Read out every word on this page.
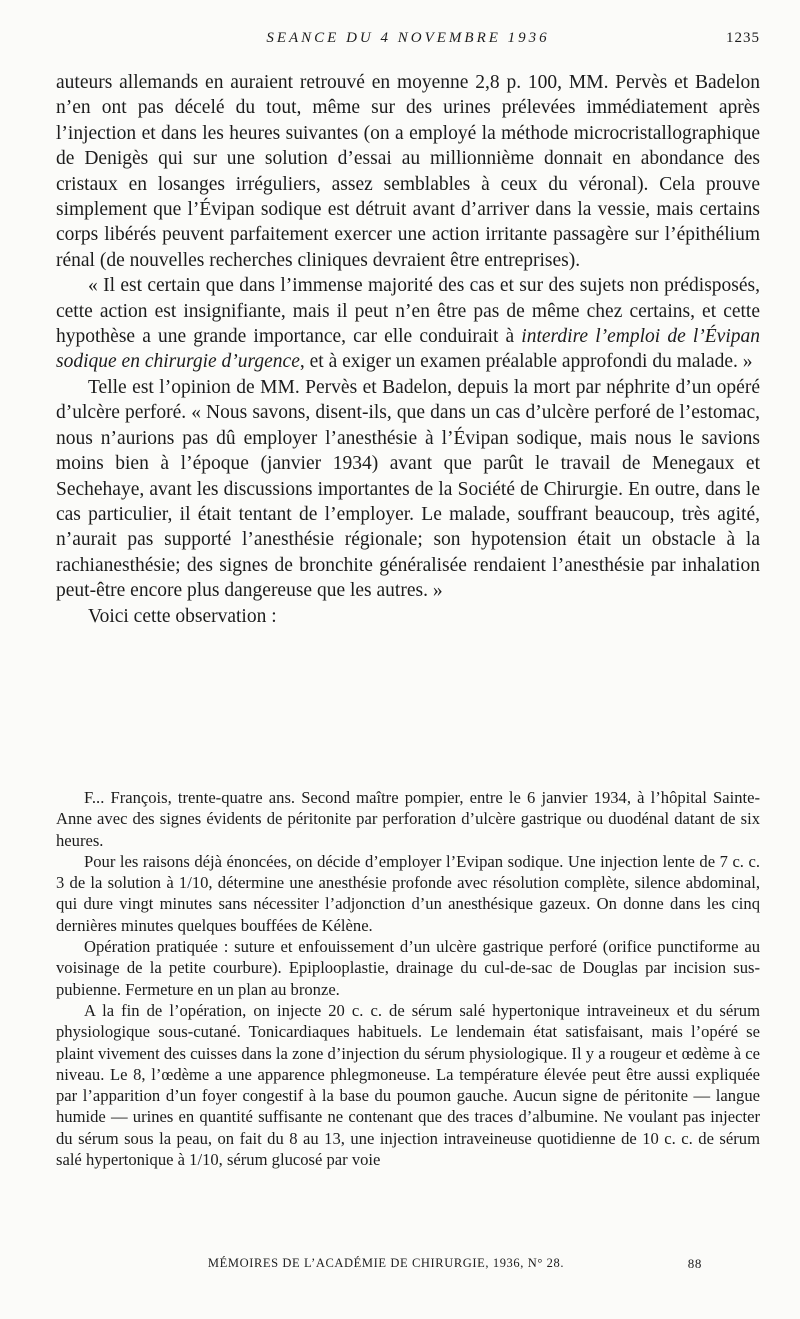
SEANCE DU 4 NOVEMBRE 1936	1235

auteurs allemands en auraient retrouvé en moyenne 2,8 p. 100, MM. Pervès et Badelon n’en ont pas décelé du tout, même sur des urines prélevées immédiatement après l’injection et dans les heures suivantes (on a employé la méthode microcristallographique de Denigès qui sur une solution d’essai au millionnième donnait en abondance des cristaux en losanges irréguliers, assez semblables à ceux du véronal). Cela prouve simplement que l’Évipan sodique est détruit avant d’arriver dans la vessie, mais certains corps libérés peuvent parfaitement exercer une action irritante passagère sur l’épithélium rénal (de nouvelles recherches cliniques devraient être entreprises).

« Il est certain que dans l’immense majorité des cas et sur des sujets non prédisposés, cette action est insignifiante, mais il peut n’en être pas de même chez certains, et cette hypothèse a une grande importance, car elle conduirait à interdire l’emploi de l’Évipan sodique en chirurgie d’urgence, et à exiger un examen préalable approfondi du malade. »

Telle est l’opinion de MM. Pervès et Badelon, depuis la mort par néphrite d’un opéré d’ulcère perforé. « Nous savons, disent-ils, que dans un cas d’ulcère perforé de l’estomac, nous n’aurions pas dû employer l’anesthésie à l’Évipan sodique, mais nous le savions moins bien à l’époque (janvier 1934) avant que parût le travail de Menegaux et Sechehaye, avant les discussions importantes de la Société de Chirurgie. En outre, dans le cas particulier, il était tentant de l’employer. Le malade, souffrant beaucoup, très agité, n’aurait pas supporté l’anesthésie régionale; son hypotension était un obstacle à la rachianesthésie; des signes de bronchite généralisée rendaient l’anesthésie par inhalation peut-être encore plus dangereuse que les autres. »

Voici cette observation :

F... François, trente-quatre ans. Second maître pompier, entre le 6 janvier 1934, à l’hôpital Sainte-Anne avec des signes évidents de péritonite par perforation d’ulcère gastrique ou duodénal datant de six heures.

Pour les raisons déjà énoncées, on décide d’employer l’Evipan sodique. Une injection lente de 7 c. c. 3 de la solution à 1/10, détermine une anesthésie profonde avec résolution complète, silence abdominal, qui dure vingt minutes sans nécessiter l’adjonction d’un anesthésique gazeux. On donne dans les cinq dernières minutes quelques bouffées de Kélène.

Opération pratiquée : suture et enfouissement d’un ulcère gastrique perforé (orifice punctiforme au voisinage de la petite courbure). Epiplooplastie, drainage du cul-de-sac de Douglas par incision sus-pubienne. Fermeture en un plan au bronze.

A la fin de l’opération, on injecte 20 c. c. de sérum salé hypertonique intraveineux et du sérum physiologique sous-cutané. Tonicardiaques habituels. Le lendemain état satisfaisant, mais l’opéré se plaint vivement des cuisses dans la zone d’injection du sérum physiologique. Il y a rougeur et œdème à ce niveau. Le 8, l’œdème a une apparence phlegmoneuse. La température élevée peut être aussi expliquée par l’apparition d’un foyer congestif à la base du poumon gauche. Aucun signe de péritonite — langue humide — urines en quantité suffisante ne contenant que des traces d’albumine. Ne voulant pas injecter du sérum sous la peau, on fait du 8 au 13, une injection intraveineuse quotidienne de 10 c. c. de sérum salé hypertonique à 1/10, sérum glucosé par voie

MÉMOIRES DE L’ACADÉMIE DE CHIRURGIE, 1936, N° 28.	88
